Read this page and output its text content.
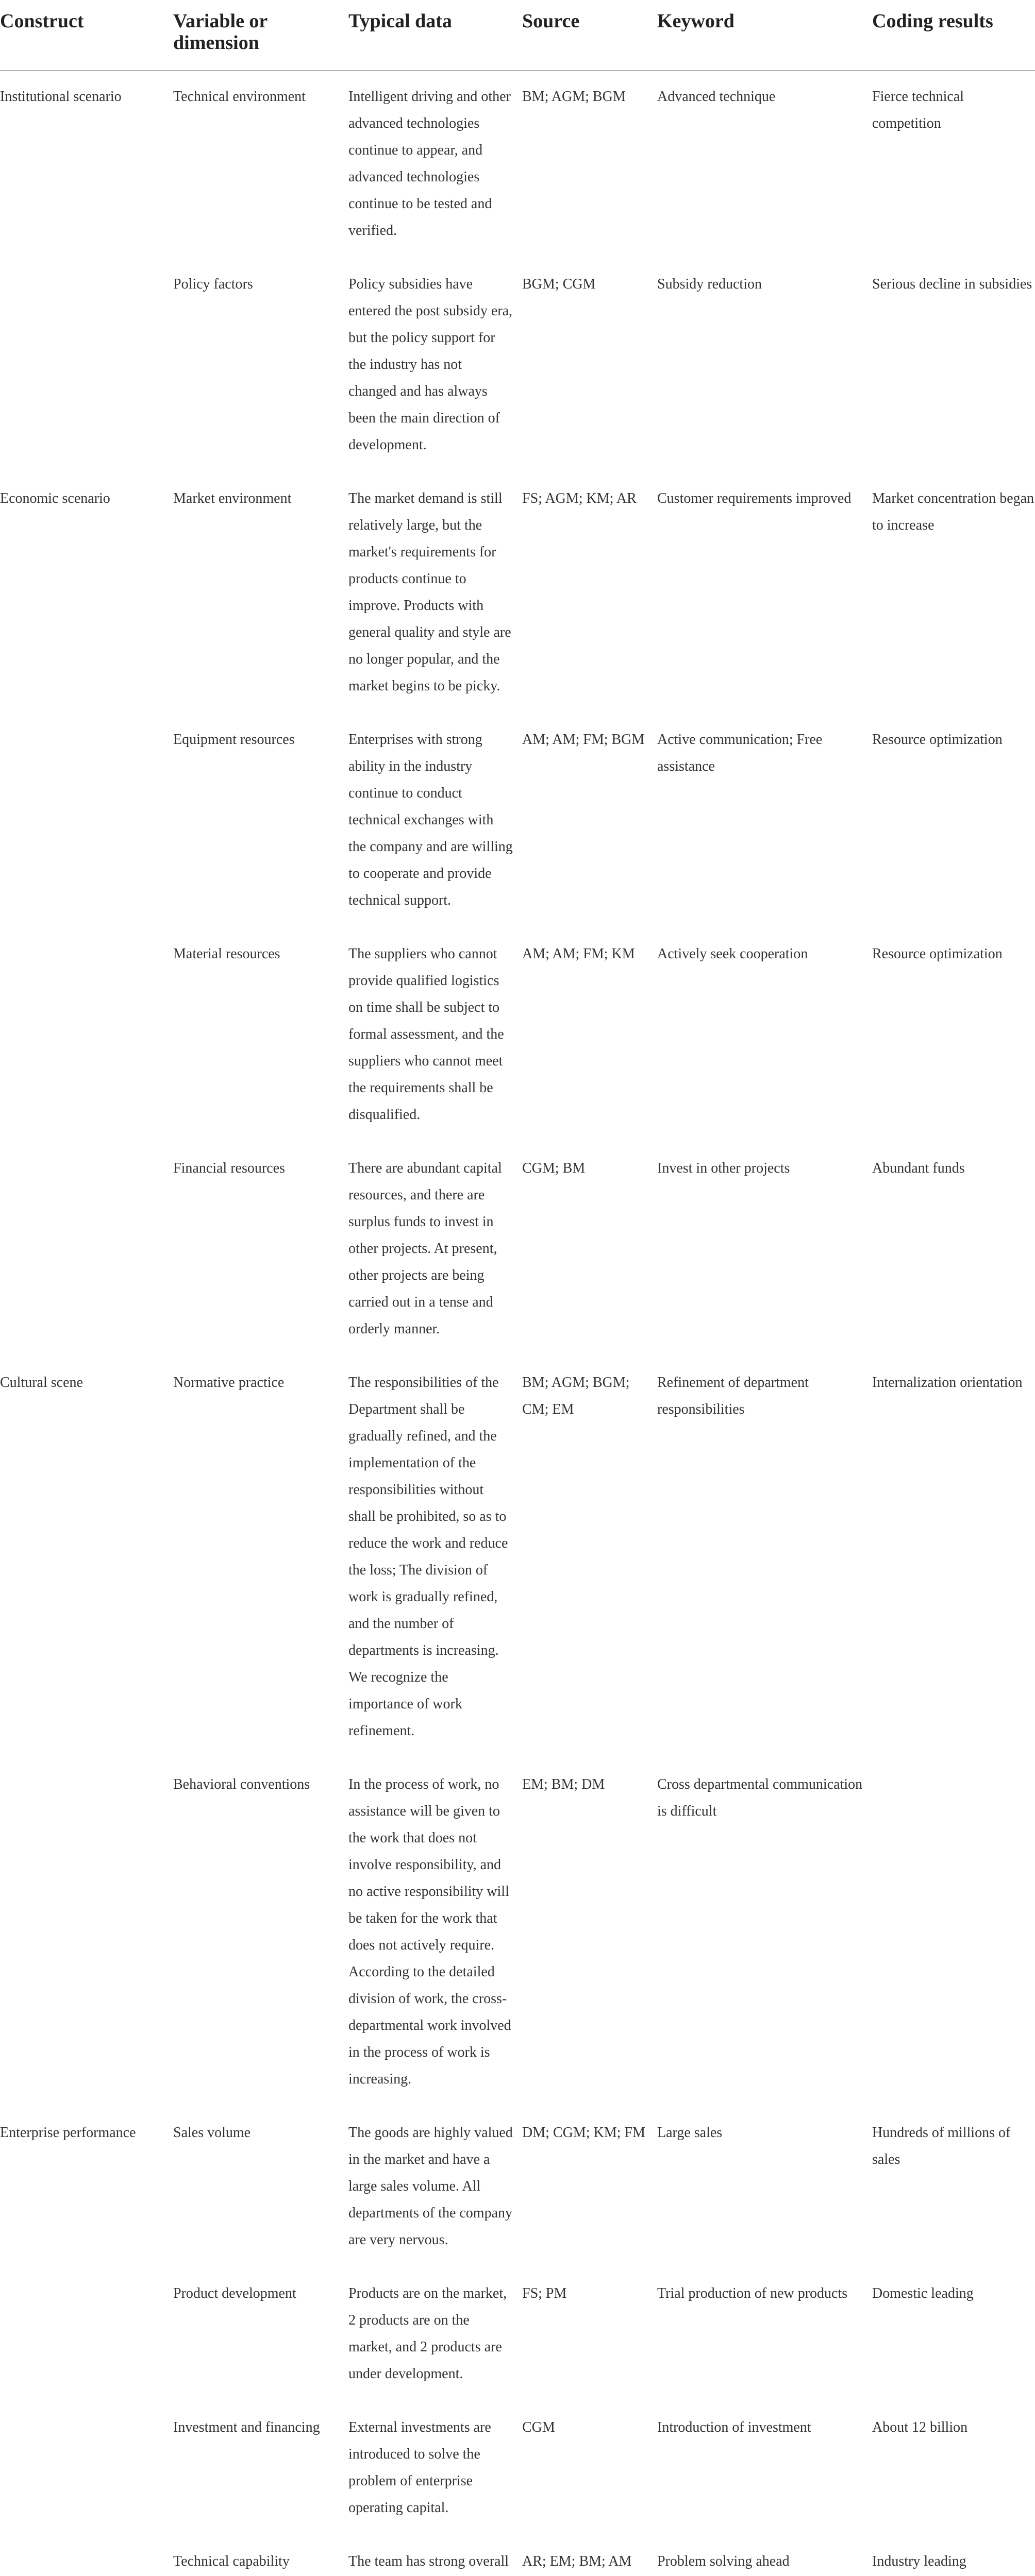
Construct	Variable or dimension	Typical data	Source	Keyword	Coding results
Institutional scenario	Technical environment	Intelligent driving and other advanced technologies continue to appear, and advanced technologies continue to be tested and verified.	BM; AGM; BGM	Advanced technique	Fierce technical competition
	Policy factors	Policy subsidies have entered the post subsidy era, but the policy support for the industry has not changed and has always been the main direction of development.	BGM; CGM	Subsidy reduction	Serious decline in subsidies
Economic scenario	Market environment	The market demand is still relatively large, but the market's requirements for products continue to improve. Products with general quality and style are no longer popular, and the market begins to be picky.	FS; AGM; KM; AR	Customer requirements improved	Market concentration began to increase
	Equipment resources	Enterprises with strong ability in the industry continue to conduct technical exchanges with the company and are willing to cooperate and provide technical support.	AM; AM; FM; BGM	Active communication; Free assistance	Resource optimization
	Material resources	The suppliers who cannot provide qualified logistics on time shall be subject to formal assessment, and the suppliers who cannot meet the requirements shall be disqualified.	AM; AM; FM; KM	Actively seek cooperation	Resource optimization
	Financial resources	There are abundant capital resources, and there are surplus funds to invest in other projects. At present, other projects are being carried out in a tense and orderly manner.	CGM; BM	Invest in other projects	Abundant funds
Cultural scene	Normative practice	The responsibilities of the Department shall be gradually refined, and the implementation of the responsibilities without shall be prohibited, so as to reduce the work and reduce the loss; The division of work is gradually refined, and the number of departments is increasing. We recognize the importance of work refinement.	BM; AGM; BGM; CM; EM	Refinement of department responsibilities	Internalization orientation
	Behavioral conventions	In the process of work, no assistance will be given to the work that does not involve responsibility, and no active responsibility will be taken for the work that does not actively require. According to the detailed division of work, the cross-departmental work involved in the process of work is increasing.	EM; BM; DM	Cross departmental communication is difficult	
Enterprise performance	Sales volume	The goods are highly valued in the market and have a large sales volume. All departments of the company are very nervous.	DM; CGM; KM; FM	Large sales	Hundreds of millions of sales
	Product development	Products are on the market, 2 products are on the market, and 2 products are under development.	FS; PM	Trial production of new products	Domestic leading
	Investment and financing	External investments are introduced to solve the problem of enterprise operating capital.	CGM	Introduction of investment	About 12 billion
	Technical capability	The team has strong overall	AR; EM; BM; AM	Problem solving ahead	Industry leading
